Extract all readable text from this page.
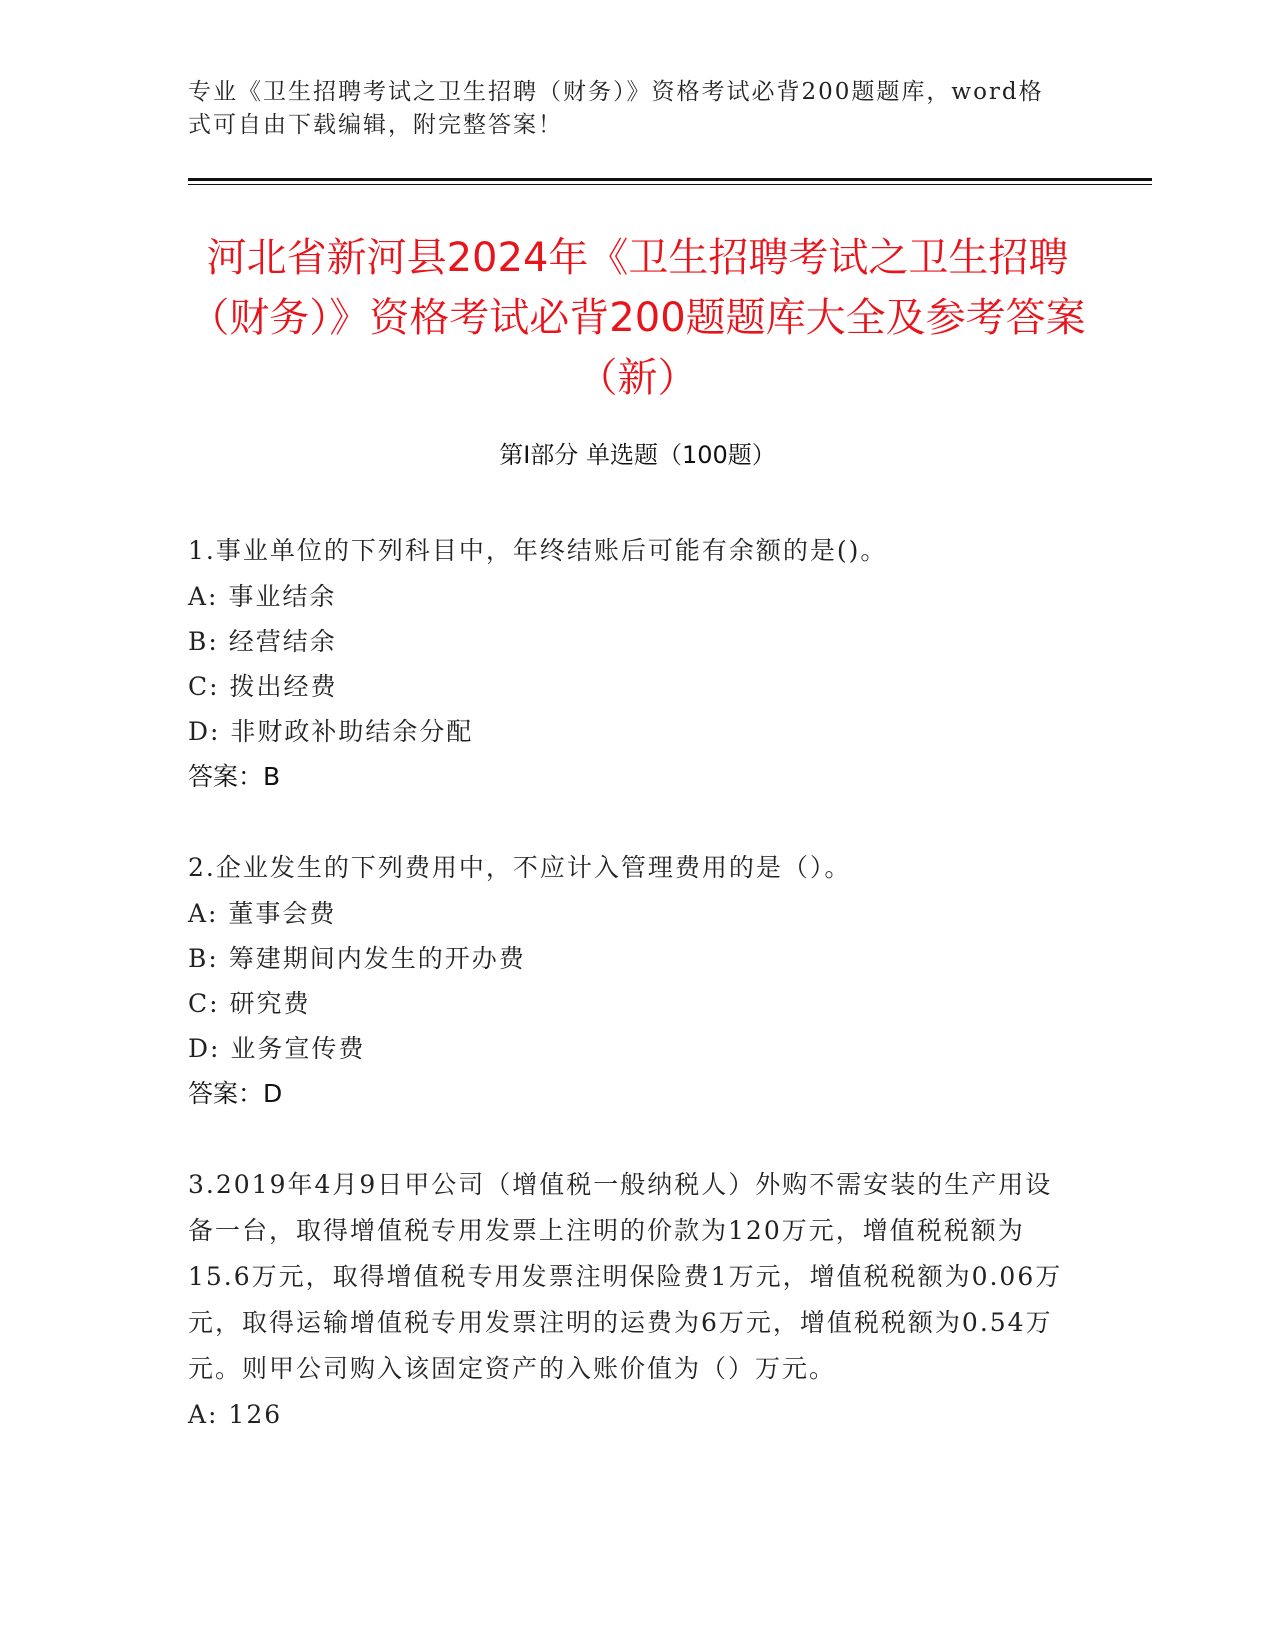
专业《卫生招聘考试之卫生招聘（财务）》资格考试必背200题题库，word格式可自由下载编辑，附完整答案！
河北省新河县2024年《卫生招聘考试之卫生招聘（财务）》资格考试必背200题题库大全及参考答案（新）
第I部分 单选题（100题）
1.事业单位的下列科目中，年终结账后可能有余额的是()。
A: 事业结余
B: 经营结余
C: 拨出经费
D: 非财政补助结余分配
答案：B
2.企业发生的下列费用中，不应计入管理费用的是（）。
A: 董事会费
B: 筹建期间内发生的开办费
C: 研究费
D: 业务宣传费
答案：D
3.2019年4月9日甲公司（增值税一般纳税人）外购不需安装的生产用设备一台，取得增值税专用发票上注明的价款为120万元，增值税税额为15.6万元，取得增值税专用发票注明保险费1万元，增值税税额为0.06万元，取得运输增值税专用发票注明的运费为6万元，增值税税额为0.54万元。则甲公司购入该固定资产的入账价值为（）万元。
A: 126
